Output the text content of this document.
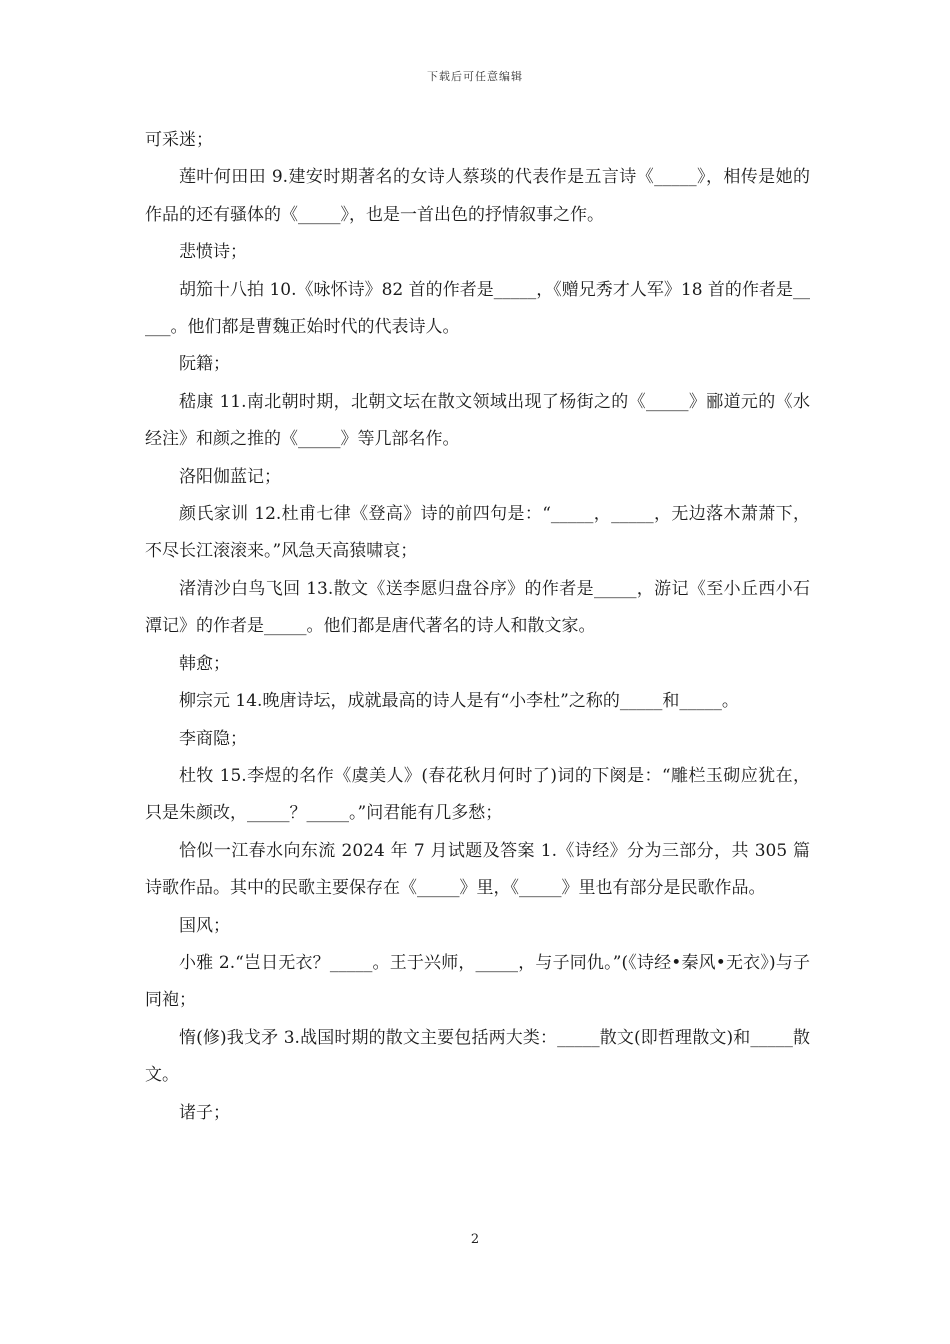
下载后可任意编辑

可采迷；

莲叶何田田 9.建安时期著名的女诗人蔡琰的代表作是五言诗《_____》，相传是她的作品的还有骚体的《_____》，也是一首出色的抒情叙事之作。

悲愤诗；

胡笳十八拍 10.《咏怀诗》82 首的作者是_____，《赠兄秀才人军》18 首的作者是_____。他们都是曹魏正始时代的代表诗人。

阮籍；

嵇康 11.南北朝时期，北朝文坛在散文领域出现了杨街之的《_____》郦道元的《水经注》和颜之推的《_____》等几部名作。

洛阳伽蓝记；

颜氏家训 12.杜甫七律《登高》诗的前四句是：“_____，_____，无边落木萧萧下，不尽长江滚滚来。”风急天高猿啸哀；

渚清沙白鸟飞回 13.散文《送李愿归盘谷序》的作者是_____，游记《至小丘西小石潭记》的作者是_____。他们都是唐代著名的诗人和散文家。

韩愈；

柳宗元 14.晚唐诗坛，成就最高的诗人是有“小李杜”之称的_____和_____。

李商隐；

杜牧 15.李煜的名作《虞美人》(春花秋月何时了)词的下阕是：“雕栏玉砌应犹在，只是朱颜改，_____？_____。”问君能有几多愁；

恰似一江春水向东流 2024 年 7 月试题及答案 1.《诗经》分为三部分，共 305 篇诗歌作品。其中的民歌主要保存在《_____》里，《_____》里也有部分是民歌作品。

国风；

小雅 2.“岂日无衣？_____。王于兴师，_____，与子同仇。”(《诗经•秦风•无衣》)与子同袍；

惰(修)我戈矛 3.战国时期的散文主要包括两大类：_____散文(即哲理散文)和_____散文。

诸子；

2
